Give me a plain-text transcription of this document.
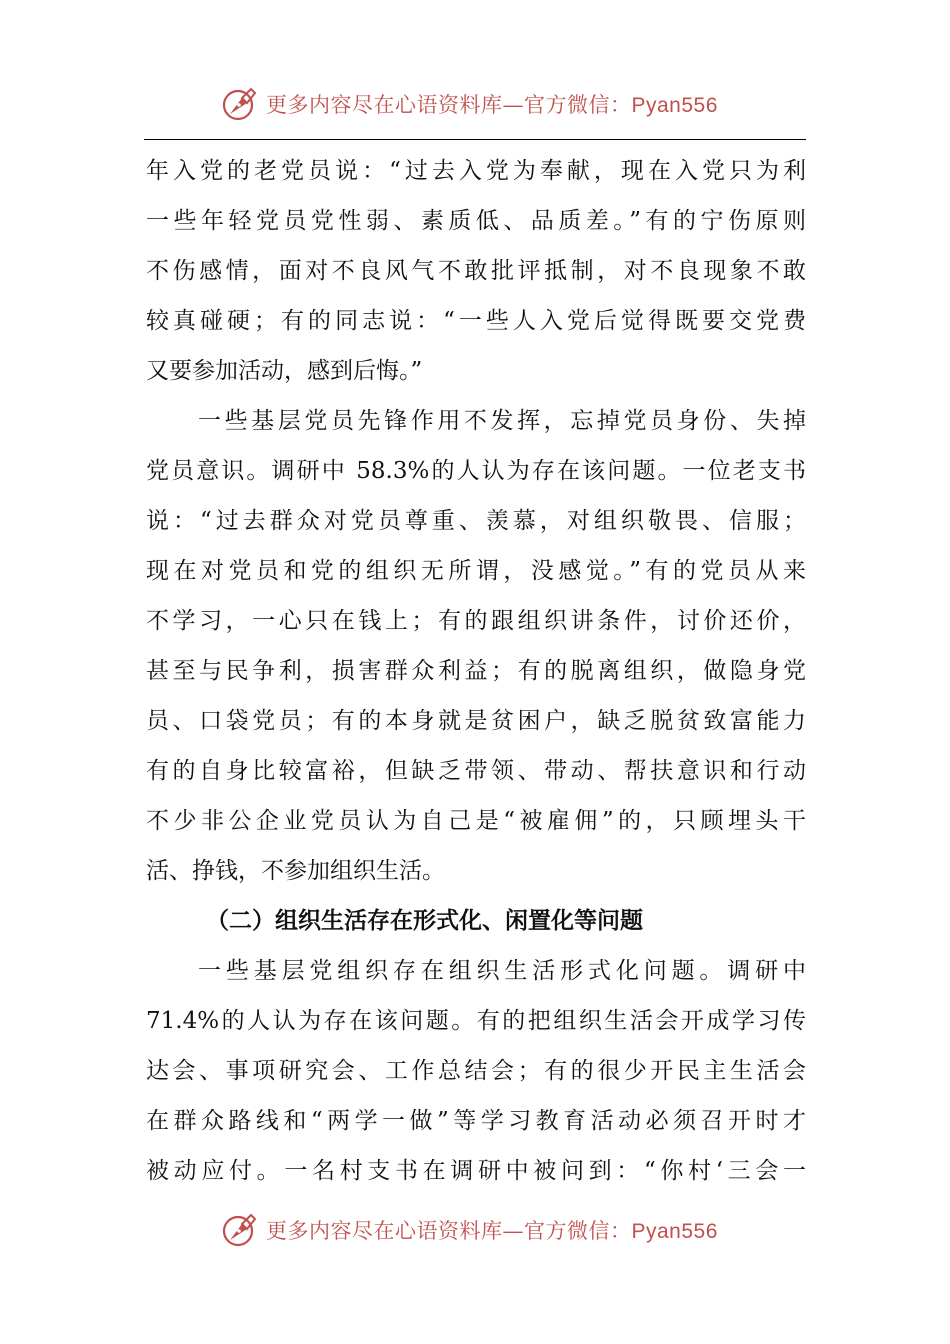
更多内容尽在心语资料库—官方微信：Pyan556
年入党的老党员说：“过去入党为奉献，现在入党只为利
一些年轻党员党性弱、素质低、品质差。”有的宁伤原则
不伤感情，面对不良风气不敢批评抵制，对不良现象不敢
较真碰硬；有的同志说：“一些人入党后觉得既要交党费
又要参加活动，感到后悔。”
一些基层党员先锋作用不发挥，忘掉党员身份、失掉
党员意识。调研中 58.3%的人认为存在该问题。一位老支书
说：“过去群众对党员尊重、羡慕，对组织敬畏、信服；
现在对党员和党的组织无所谓，没感觉。”有的党员从来
不学习，一心只在钱上；有的跟组织讲条件，讨价还价，
甚至与民争利，损害群众利益；有的脱离组织，做隐身党
员、口袋党员；有的本身就是贫困户，缺乏脱贫致富能力
有的自身比较富裕，但缺乏带领、带动、帮扶意识和行动
不少非公企业党员认为自己是“被雇佣”的，只顾埋头干
活、挣钱，不参加组织生活。
（二）组织生活存在形式化、闲置化等问题
一些基层党组织存在组织生活形式化问题。调研中
71.4%的人认为存在该问题。有的把组织生活会开成学习传
达会、事项研究会、工作总结会；有的很少开民主生活会
在群众路线和“两学一做”等学习教育活动必须召开时才
被动应付。一名村支书在调研中被问到：“你村‘三会一
更多内容尽在心语资料库—官方微信：Pyan556
